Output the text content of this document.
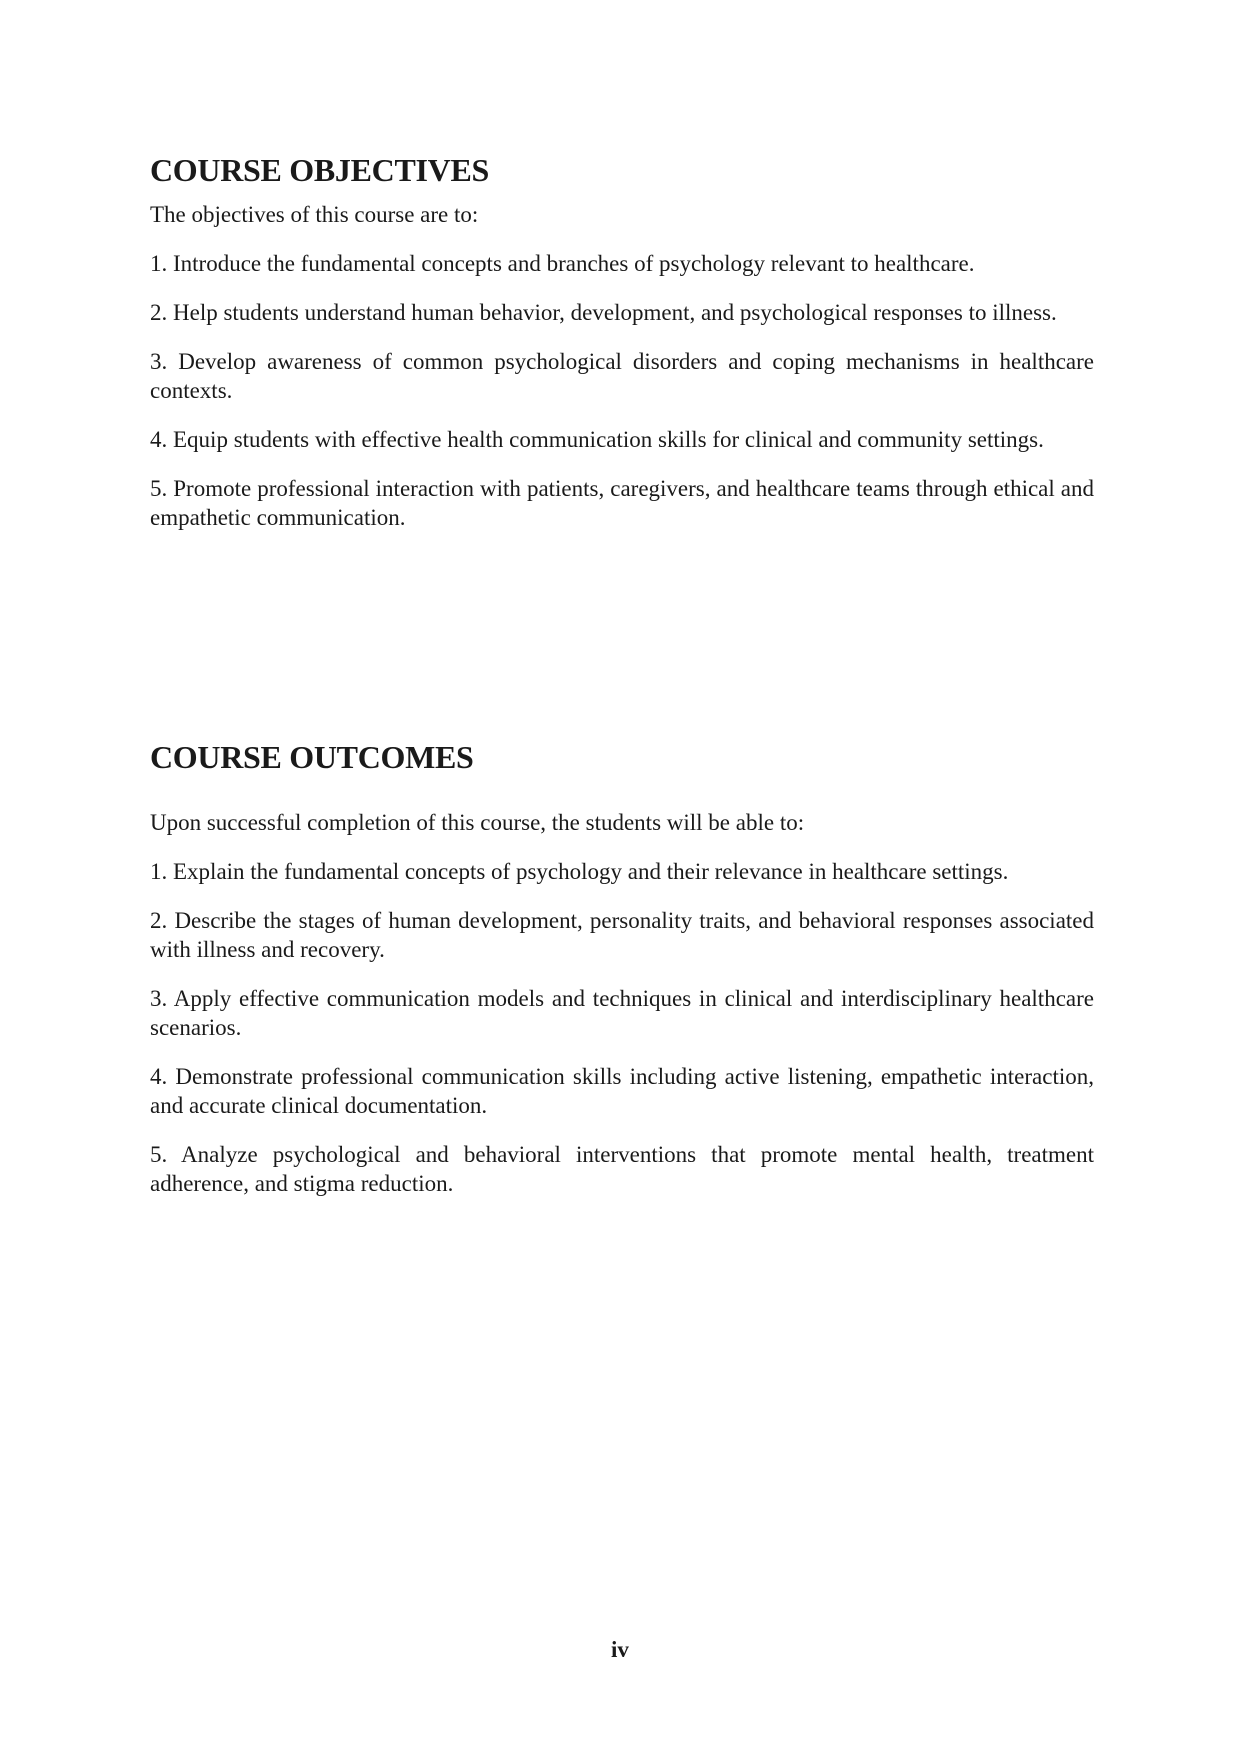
COURSE OBJECTIVES

The objectives of this course are to:

1. Introduce the fundamental concepts and branches of psychology relevant to healthcare.

2. Help students understand human behavior, development, and psychological responses to illness.

3. Develop awareness of common psychological disorders and coping mechanisms in healthcare contexts.

4. Equip students with effective health communication skills for clinical and community settings.

5. Promote professional interaction with patients, caregivers, and healthcare teams through ethical and empathetic communication.

COURSE OUTCOMES

Upon successful completion of this course, the students will be able to:

1. Explain the fundamental concepts of psychology and their relevance in healthcare settings.

2. Describe the stages of human development, personality traits, and behavioral responses associated with illness and recovery.

3. Apply effective communication models and techniques in clinical and interdisciplinary healthcare scenarios.

4. Demonstrate professional communication skills including active listening, empathetic interaction, and accurate clinical documentation.

5. Analyze psychological and behavioral interventions that promote mental health, treatment adherence, and stigma reduction.

iv
